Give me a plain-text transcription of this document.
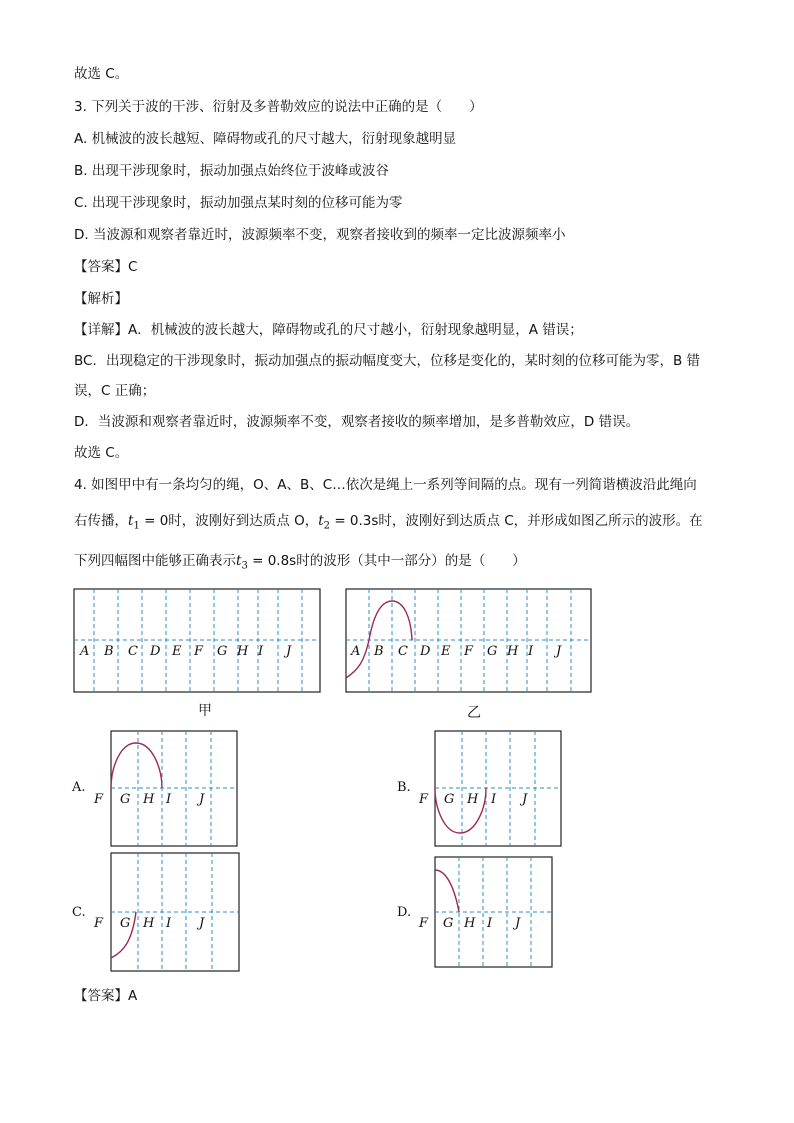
故选 C。
3. 下列关于波的干涉、衍射及多普勒效应的说法中正确的是（　　）
A. 机械波的波长越短、障碍物或孔的尺寸越大，衍射现象越明显
B. 出现干涉现象时，振动加强点始终位于波峰或波谷
C. 出现干涉现象时，振动加强点某时刻的位移可能为零
D. 当波源和观察者靠近时，波源频率不变，观察者接收到的频率一定比波源频率小
【答案】C
【解析】
【详解】A．机械波的波长越大，障碍物或孔的尺寸越小，衍射现象越明显，A 错误；
BC．出现稳定的干涉现象时，振动加强点的振动幅度变大，位移是变化的，某时刻的位移可能为零，B 错
误，C 正确；
D．当波源和观察者靠近时，波源频率不变，观察者接收的频率增加，是多普勒效应，D 错误。
故选 C。
4. 如图甲中有一条均匀的绳，O、A、B、C…依次是绳上一系列等间隔的点。现有一列简谐横波沿此绳向
右传播，$t_1 = 0$时，波刚好到达质点 O，$t_2 = 0.3s$时，波刚好到达质点 C，并形成如图乙所示的波形。在
下列四幅图中能够正确表示$t_3 = 0.8s$时的波形（其中一部分）的是（　　）
【答案】A
甲	乙
A.	B.
C.	D.
A B C D E F G H I J	A B C D E F G H I J
F G H I J	F G H I J
F G H I J	F G H I J
